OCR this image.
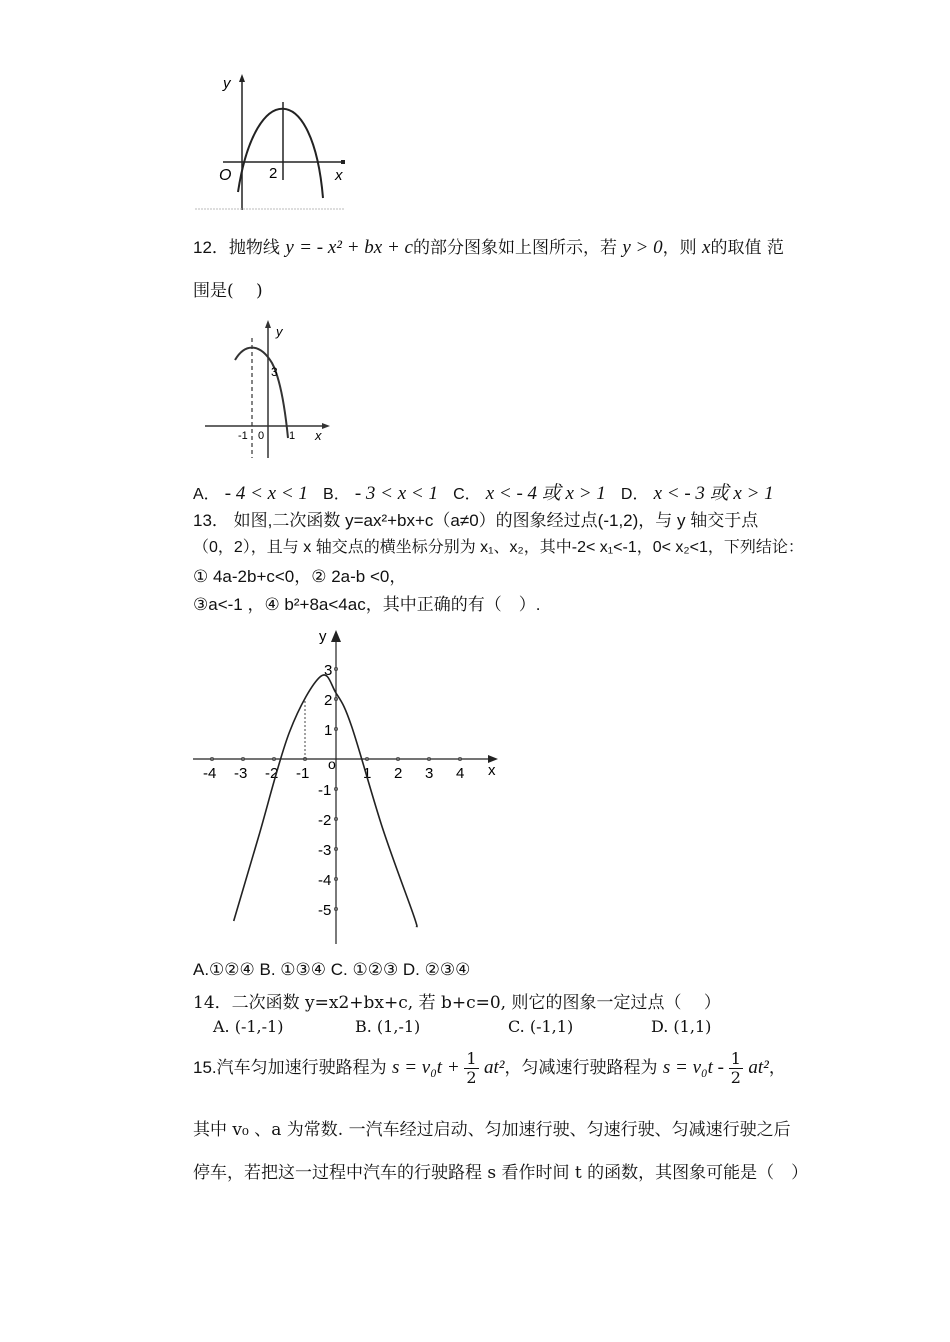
y
x
O	2
12．抛物线 y = - x² + bx + c的部分图象如上图所示，若 y > 0，则 x的取值 范
围是(　 )
y
x
3
-1 0 1
A． - 4 < x < 1 B． - 3 < x < 1 C． x < - 4 或 x > 1 D． x < - 3 或 x > 1
13． 如图,二次函数 y=ax²+bx+c（a≠0）的图象经过点(-1,2)，与 y 轴交于点
（0，2），且与 x 轴交点的横坐标分别为 x₁、x₂，其中-2< x₁<-1，0< x₂<1，下列结论：
① 4a-2b+c<0，② 2a-b <0，
③a<-1 ，④ b²+8a<4ac，其中正确的有（　）.
x
y
o
-4 -3 -2 -1	1 2 3 4
3
2
1
-1
-2
-3
-4
-5
A.①②④ B. ①③④ C. ①②③ D. ②③④
14．二次函数 y=x2+bx+c, 若 b+c=0, 则它的图象一定过点（　 ）
A. (-1,-1)	B. (1,-1)	C. (-1,1)	D. (1,1)
15.汽车匀加速行驶路程为 $s = v_0t + \frac{1}{2} at^2$，匀减速行驶路程为 $s = v_0t - \frac{1}{2} at^2$，
其中 v₀ 、a 为常数. 一汽车经过启动、匀加速行驶、匀速行驶、匀减速行驶之后
停车，若把这一过程中汽车的行驶路程 s 看作时间 t 的函数，其图象可能是（　）
